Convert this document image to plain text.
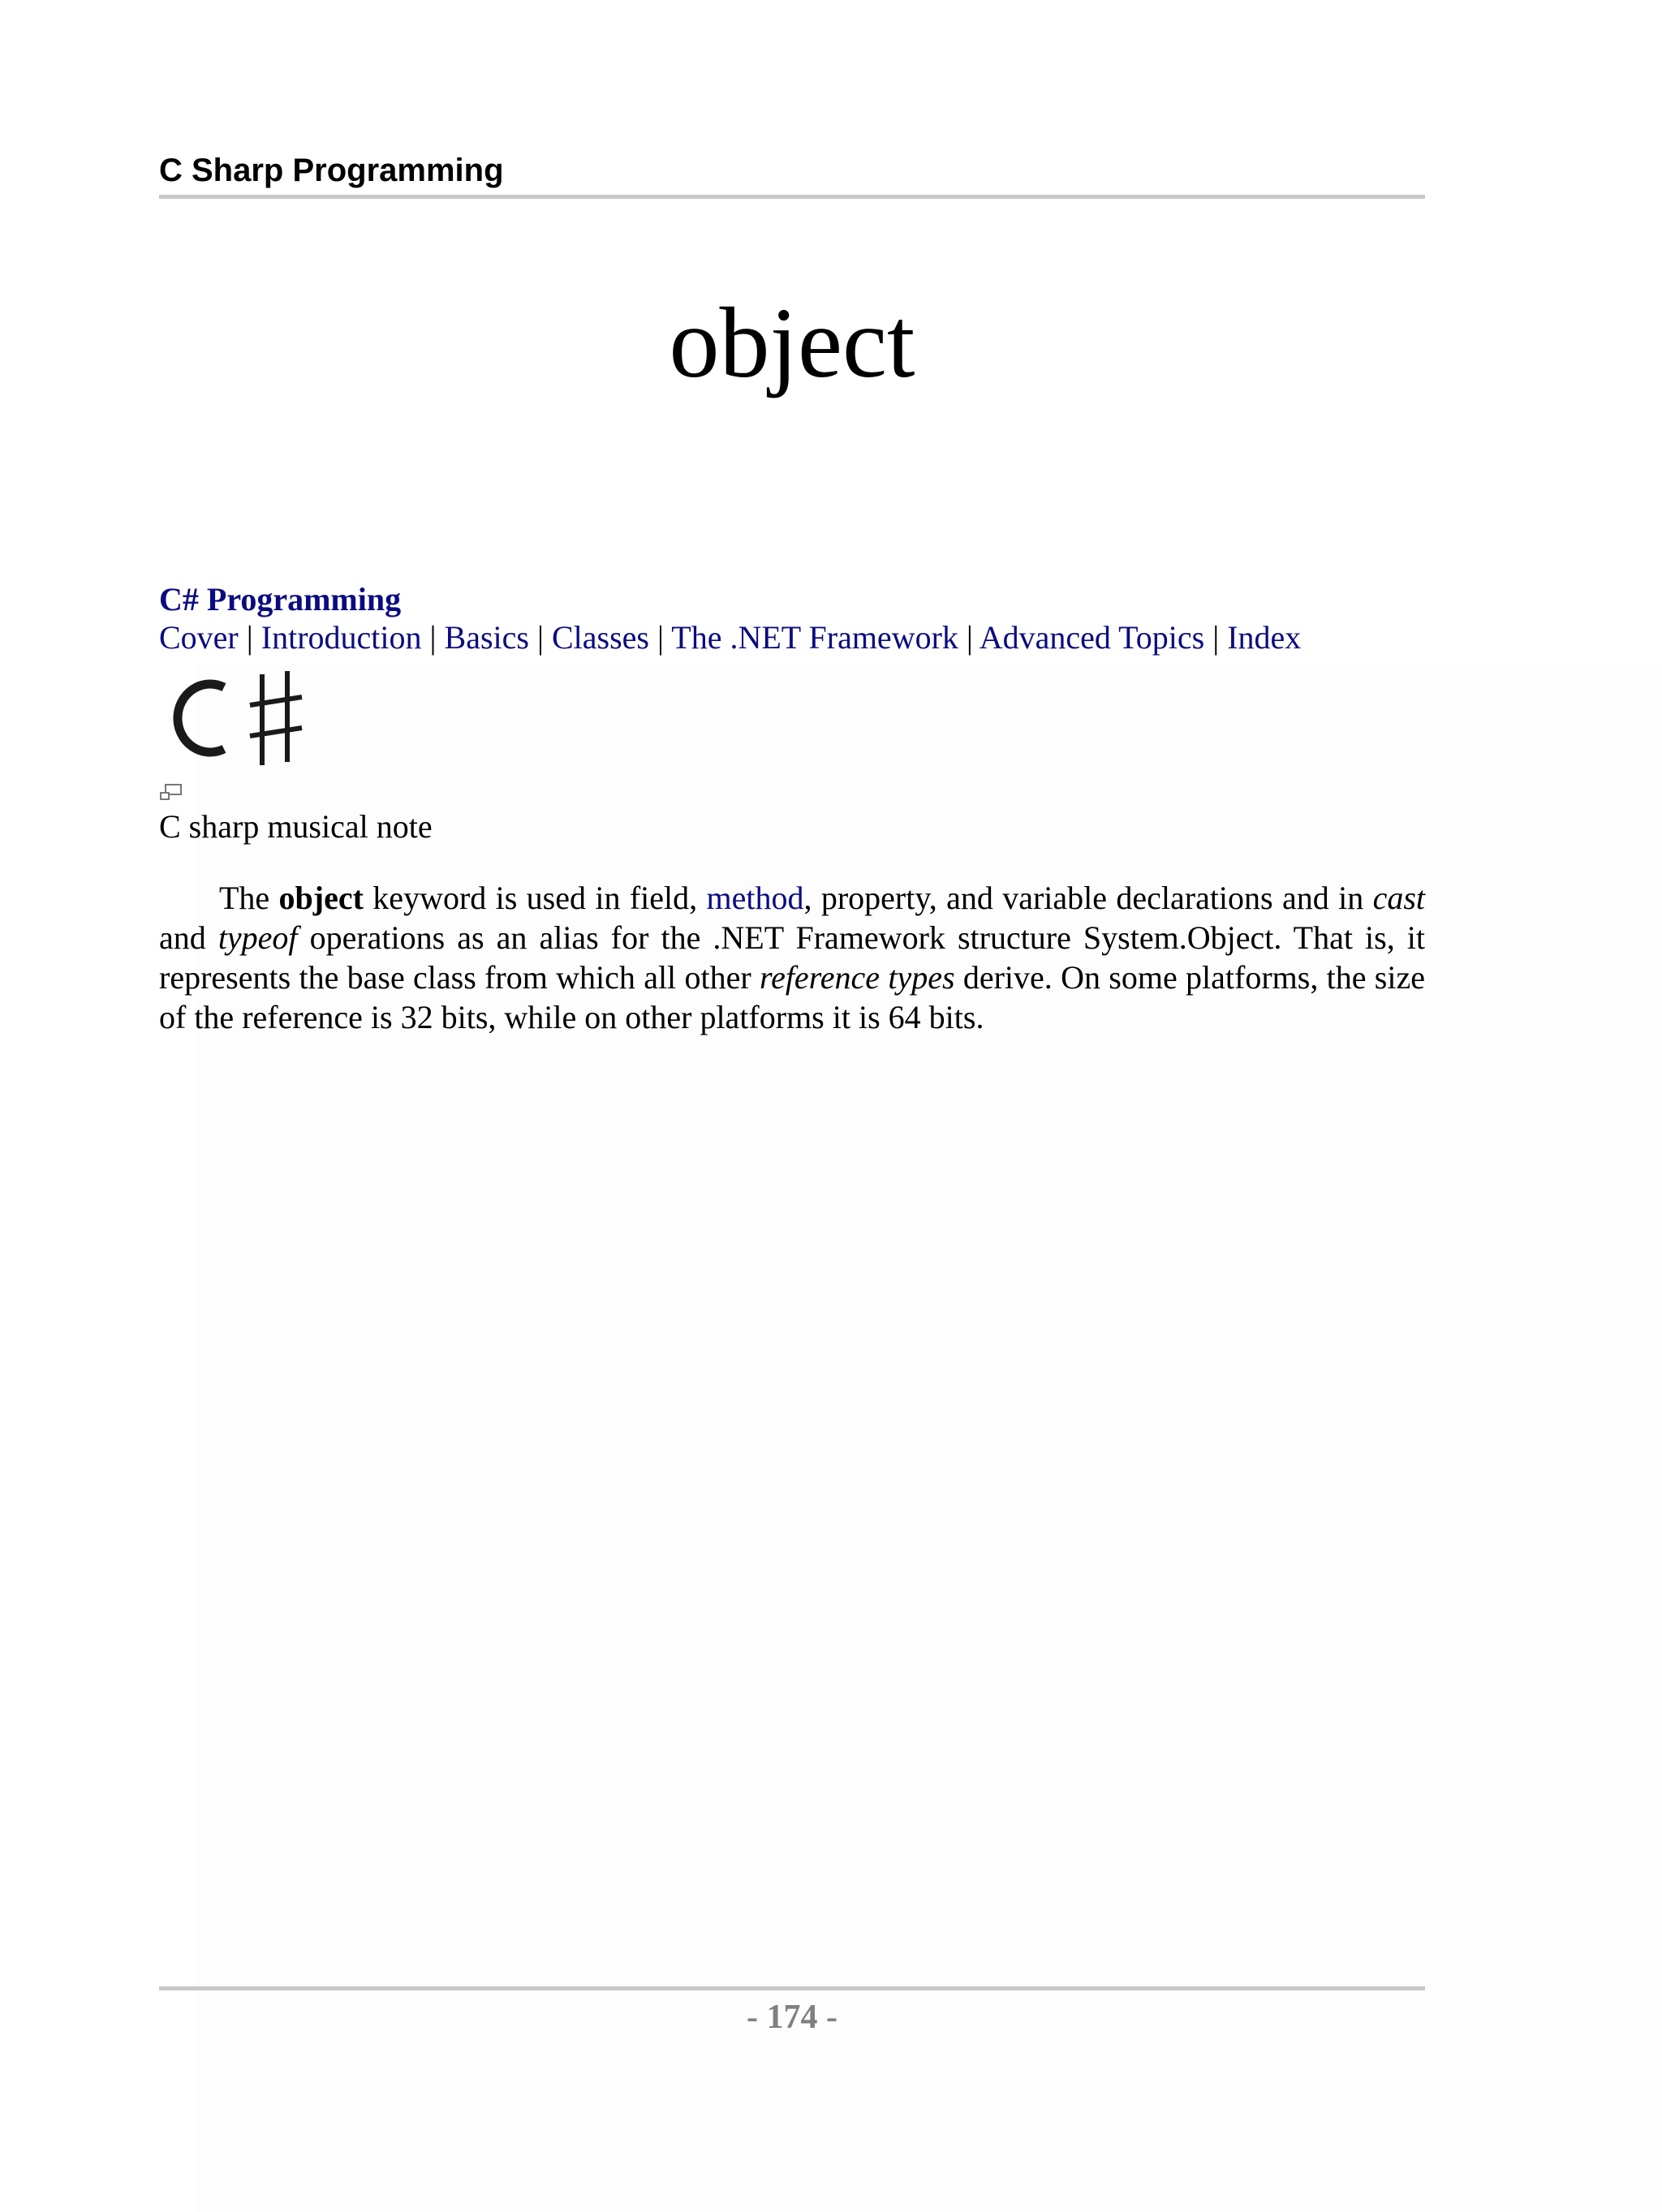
C Sharp Programming
object
C# Programming
Cover | Introduction | Basics | Classes | The .NET Framework | Advanced Topics | Index
C sharp musical note

The object keyword is used in field, method, property, and variable declarations and in cast and typeof operations as an alias for the .NET Framework structure System.Object. That is, it represents the base class from which all other reference types derive. On some platforms, the size of the reference is 32 bits, while on other platforms it is 64 bits.

- 174 -
